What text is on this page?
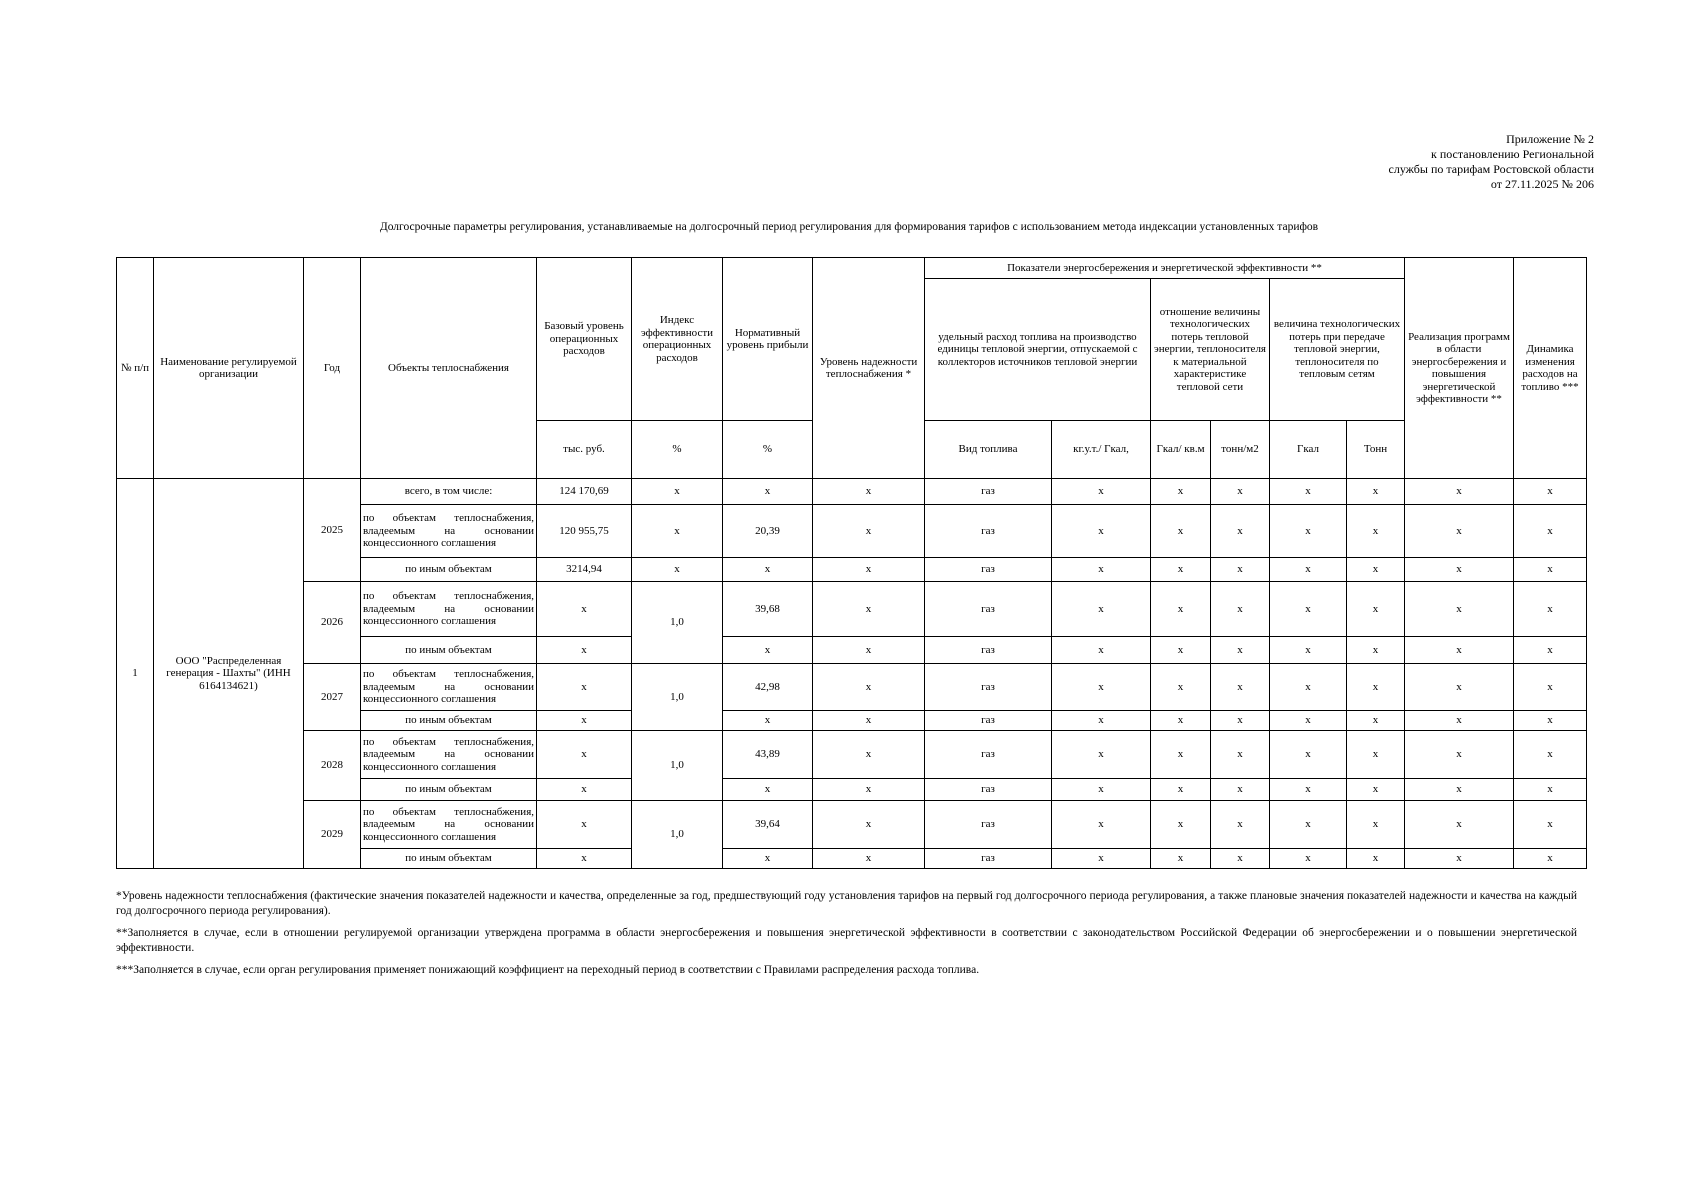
Приложение № 2
к постановлению Региональной
службы по тарифам Ростовской области
от 27.11.2025 № 206
Долгосрочные параметры регулирования, устанавливаемые на долгосрочный период регулирования для формирования тарифов с использованием метода индексации установленных тарифов
№ п/п	Наименование регулируемой организации	Год	Объекты теплоснабжения	Базовый уровень операционных расходов	Индекс эффективности операционных расходов	Нормативный уровень прибыли	Уровень надежности теплоснабжения *	Показатели энергосбережения и энергетической эффективности **						Реализация программ в области энергосбережения и повышения энергетической эффективности **	Динамика изменения расходов на топливо ***
								удельный расход топлива на производство единицы тепловой энергии, отпускаемой с коллекторов источников тепловой энергии		отношение величины технологических потерь тепловой энергии, теплоносителя к материальной характеристике тепловой сети		величина технологических потерь при передаче тепловой энергии, теплоносителя по тепловым сетям			
				тыс. руб.	%	%		Вид топлива	кг.у.т./ Гкал,	Гкал/ кв.м	тонн/м2	Гкал	Тонн		
1	ООО "Распределенная генерация - Шахты" (ИНН 6164134621)	2025	всего, в том числе:	124 170,69	х	х	х	газ	х	х	х	х	х	х	х
			по объектам теплоснабжения, владеемым на основании концессионного соглашения	120 955,75	х	20,39	х	газ	х	х	х	х	х	х	х
			по иным объектам	3214,94	х	х	х	газ	х	х	х	х	х	х	х
		2026	по объектам теплоснабжения, владеемым на основании концессионного соглашения	х	1,0	39,68	х	газ	х	х	х	х	х	х	х
			по иным объектам	х		х	х	газ	х	х	х	х	х	х	х
		2027	по объектам теплоснабжения, владеемым на основании концессионного соглашения	х	1,0	42,98	х	газ	х	х	х	х	х	х	х
			по иным объектам	х		х	х	газ	х	х	х	х	х	х	х
		2028	по объектам теплоснабжения, владеемым на основании концессионного соглашения	х	1,0	43,89	х	газ	х	х	х	х	х	х	х
			по иным объектам	х		х	х	газ	х	х	х	х	х	х	х
		2029	по объектам теплоснабжения, владеемым на основании концессионного соглашения	х	1,0	39,64	х	газ	х	х	х	х	х	х	х
			по иным объектам	х		х	х	газ	х	х	х	х	х	х	х

*Уровень надежности теплоснабжения (фактические значения показателей надежности и качества, определенные за год, предшествующий году установления тарифов на первый год долгосрочного периода регулирования, а также плановые значения показателей надежности и качества на каждый год долгосрочного периода регулирования).

**Заполняется в случае, если в отношении регулируемой организации утверждена программа в области энергосбережения и повышения энергетической эффективности в соответствии с законодательством Российской Федерации об энергосбережении и о повышении энергетической эффективности.

***Заполняется в случае, если орган регулирования применяет понижающий коэффициент на переходный период в соответствии с Правилами распределения расхода топлива.
